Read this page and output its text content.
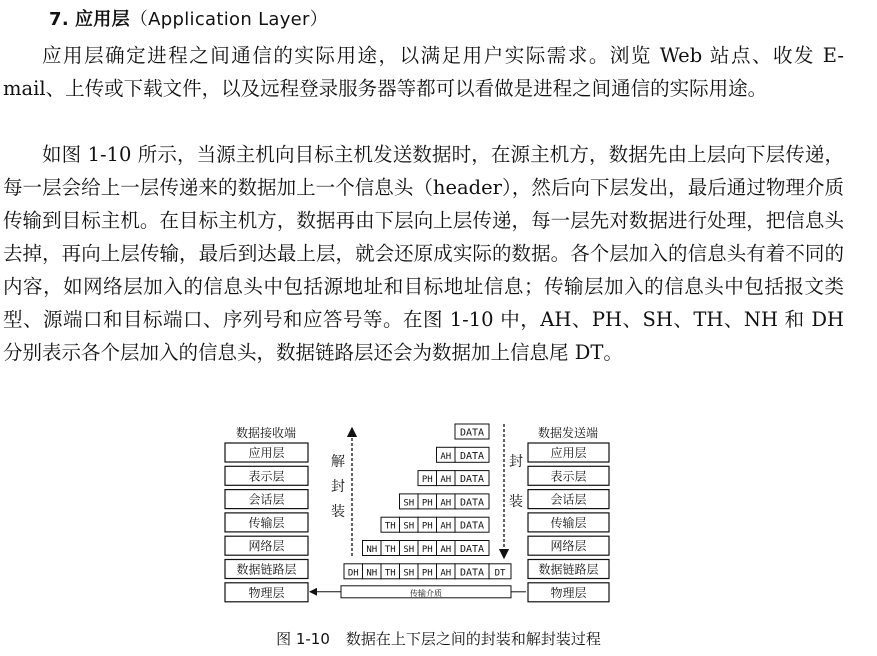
7. 应用层（Application Layer）

应用层确定进程之间通信的实际用途，以满足用户实际需求。浏览 Web 站点、收发 E-mail、上传或下载文件，以及远程登录服务器等都可以看做是进程之间通信的实际用途。

如图 1-10 所示，当源主机向目标主机发送数据时，在源主机方，数据先由上层向下层传递，每一层会给上一层传递来的数据加上一个信息头（header），然后向下层发出，最后通过物理介质传输到目标主机。在目标主机方，数据再由下层向上层传递，每一层先对数据进行处理，把信息头去掉，再向上层传输，最后到达最上层，就会还原成实际的数据。各个层加入的信息头有着不同的内容，如网络层加入的信息头中包括源地址和目标地址信息；传输层加入的信息头中包括报文类型、源端口和目标端口、序列号和应答号等。在图 1-10 中，AH、PH、SH、TH、NH 和 DH 分别表示各个层加入的信息头，数据链路层还会为数据加上信息尾 DT。

数据接收端	数据发送端
应用层	应用层
表示层	表示层
会话层	会话层
传输层	传输层
网络层	网络层
数据链路层	数据链路层
物理层	物理层
解
封
装
封
装
DATA
AH DATA
PH AH DATA
SH PH AH DATA
TH SH PH AH DATA
NH TH SH PH AH DATA
DH NH TH SH PH AH DATA DT
传输介质
图 1-10 数据在上下层之间的封装和解封装过程
